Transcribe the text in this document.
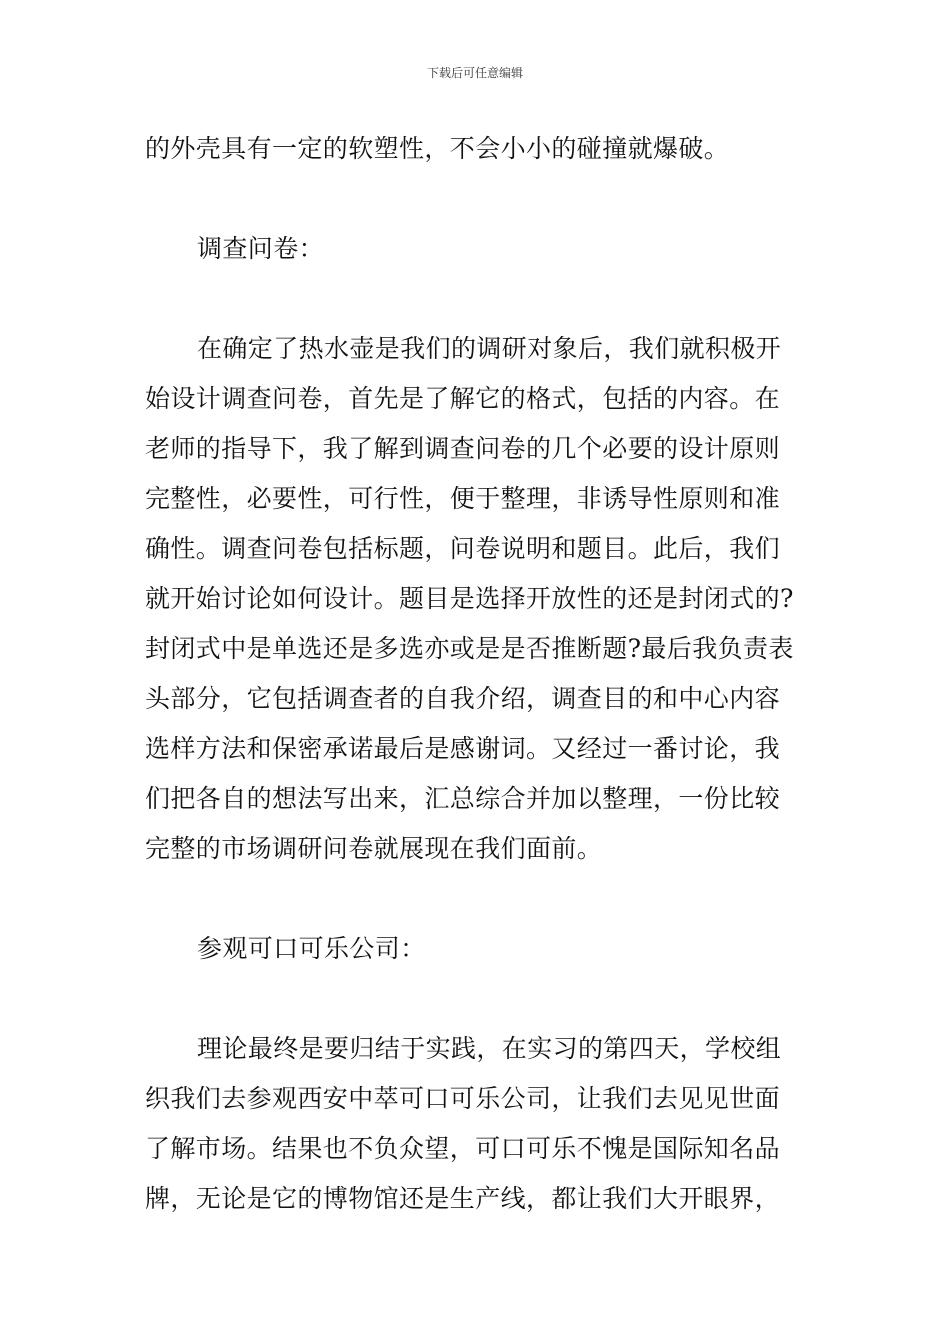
下载后可任意编辑
的外壳具有一定的软塑性，不会小小的碰撞就爆破。
调查问卷：
在确定了热水壶是我们的调研对象后，我们就积极开
始设计调查问卷，首先是了解它的格式，包括的内容。在
老师的指导下，我了解到调查问卷的几个必要的设计原则
完整性，必要性，可行性，便于整理，非诱导性原则和准
确性。调查问卷包括标题，问卷说明和题目。此后，我们
就开始讨论如何设计。题目是选择开放性的还是封闭式的?
封闭式中是单选还是多选亦或是是否推断题?最后我负责表
头部分，它包括调查者的自我介绍，调查目的和中心内容
选样方法和保密承诺最后是感谢词。又经过一番讨论，我
们把各自的想法写出来，汇总综合并加以整理，一份比较
完整的市场调研问卷就展现在我们面前。
参观可口可乐公司：
理论最终是要归结于实践，在实习的第四天，学校组
织我们去参观西安中萃可口可乐公司，让我们去见见世面
了解市场。结果也不负众望，可口可乐不愧是国际知名品
牌，无论是它的博物馆还是生产线，都让我们大开眼界，
